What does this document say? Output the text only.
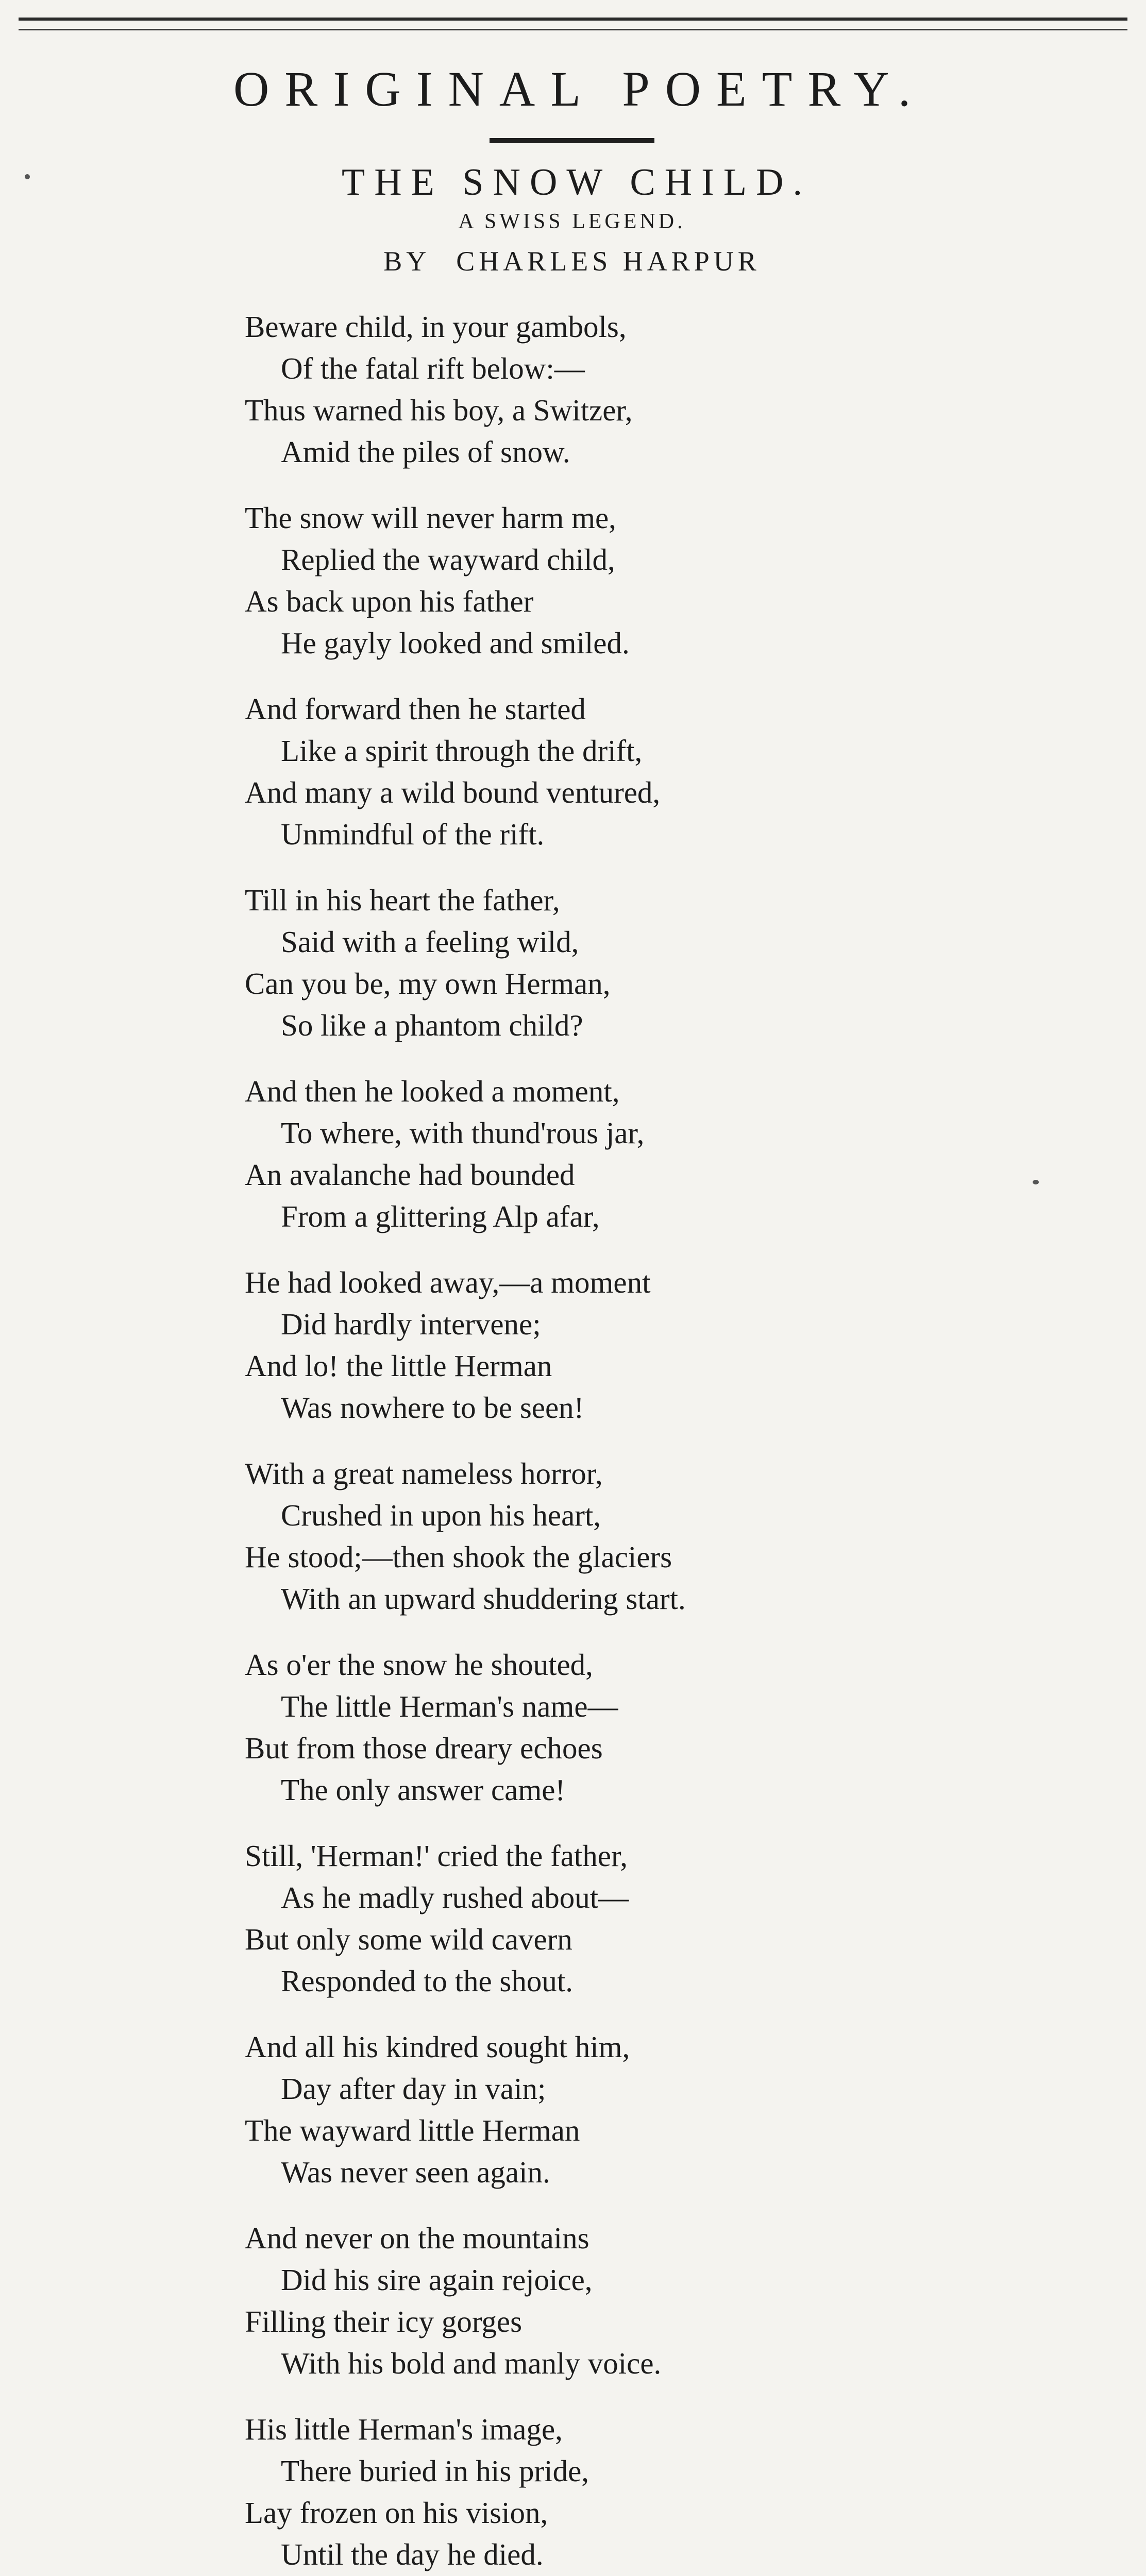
ORIGINAL POETRY.
THE SNOW CHILD.
A SWISS LEGEND.
BY CHARLES HARPUR
Beware child, in your gambols,
Of the fatal rift below:—
Thus warned his boy, a Switzer,
Amid the piles of snow.
The snow will never harm me,
Replied the wayward child,
As back upon his father
He gayly looked and smiled.
And forward then he started
Like a spirit through the drift,
And many a wild bound ventured,
Unmindful of the rift.
Till in his heart the father,
Said with a feeling wild,
Can you be, my own Herman,
So like a phantom child?
And then he looked a moment,
To where, with thund'rous jar,
An avalanche had bounded
From a glittering Alp afar,
He had looked away,—a moment
Did hardly intervene;
And lo! the little Herman
Was nowhere to be seen!
With a great nameless horror,
Crushed in upon his heart,
He stood;—then shook the glaciers
With an upward shuddering start.
As o'er the snow he shouted,
The little Herman's name—
But from those dreary echoes
The only answer came!
Still, 'Herman!' cried the father,
As he madly rushed about—
But only some wild cavern
Responded to the shout.
And all his kindred sought him,
Day after day in vain;
The wayward little Herman
Was never seen again.
And never on the mountains
Did his sire again rejoice,
Filling their icy gorges
With his bold and manly voice.
His little Herman's image,
There buried in his pride,
Lay frozen on his vision,
Until the day he died.
